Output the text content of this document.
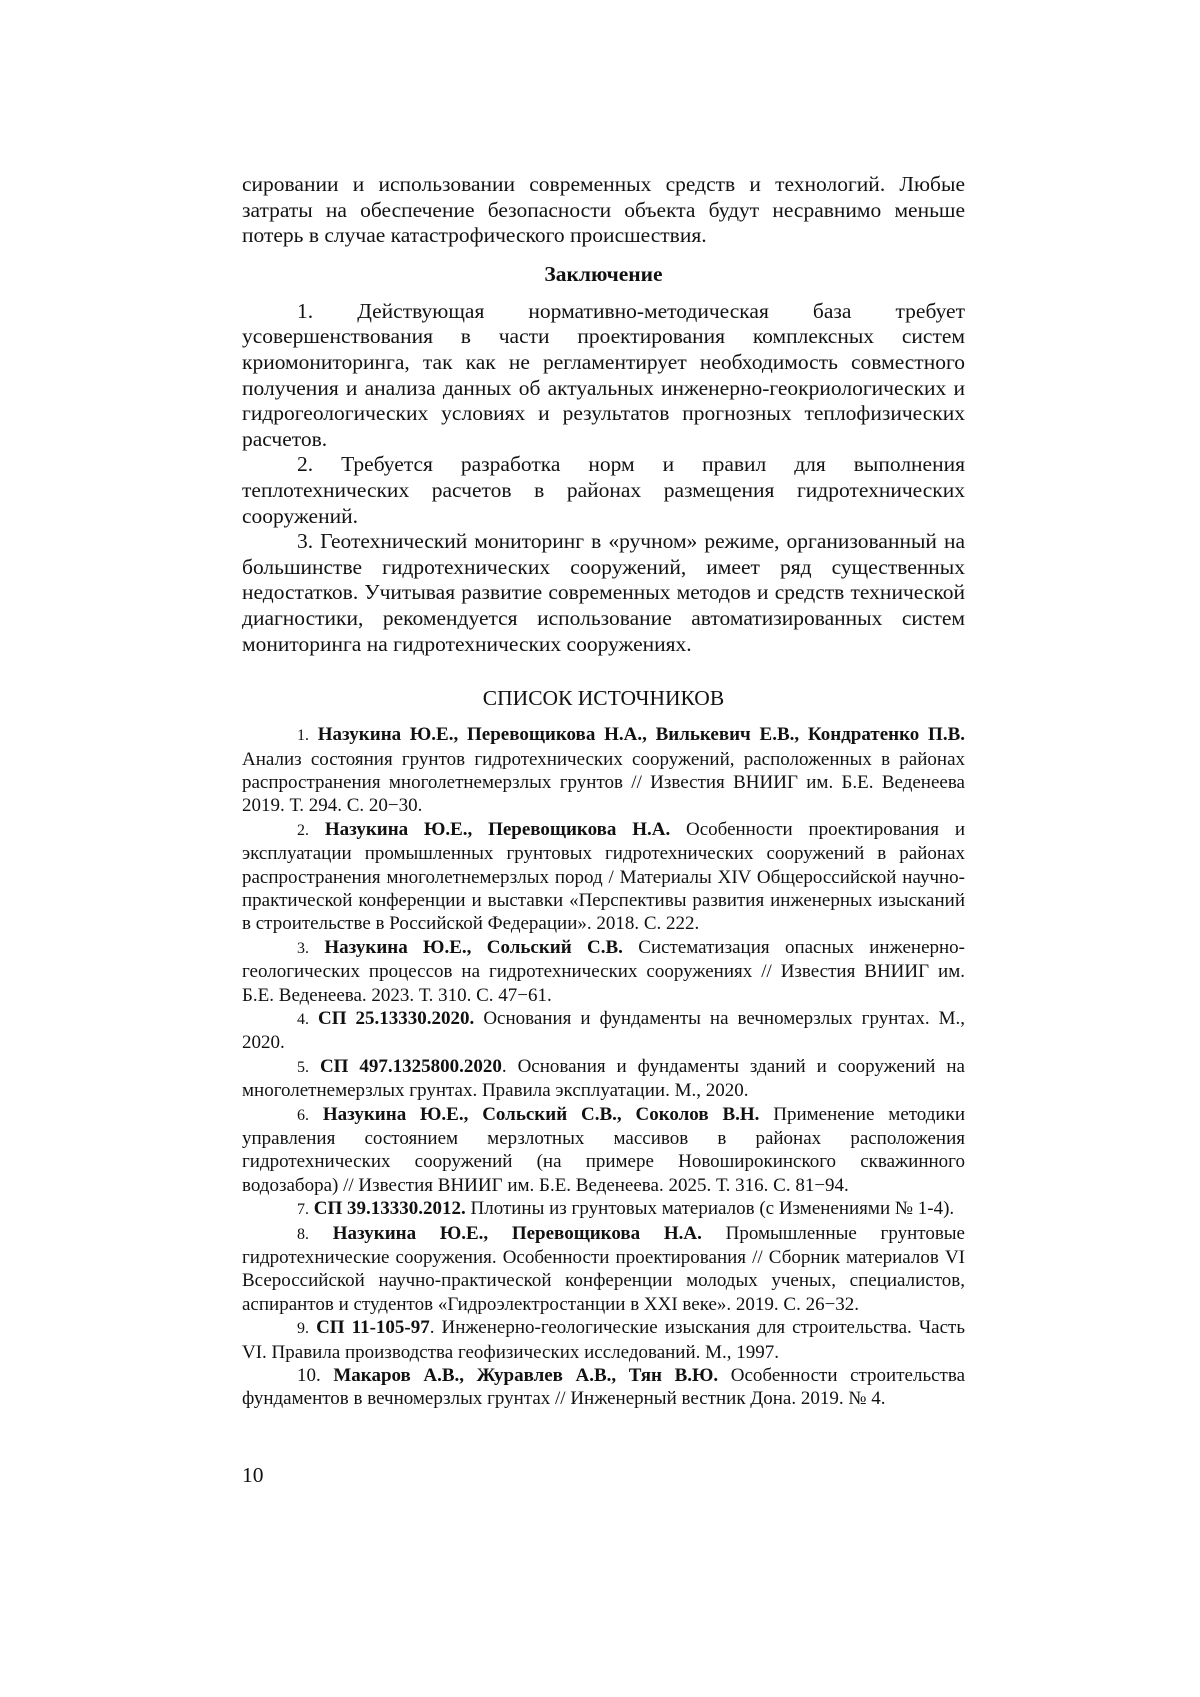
сировании и использовании современных средств и технологий. Любые затраты на обеспечение безопасности объекта будут несравнимо меньше потерь в случае катастрофического происшествия.

Заключение

1. Действующая нормативно-методическая база требует усовершенствования в части проектирования комплексных систем криомониторинга, так как не регламентирует необходимость совместного получения и анализа данных об актуальных инженерно-геокриологических и гидрогеологических условиях и результатов прогнозных теплофизических расчетов.

2. Требуется разработка норм и правил для выполнения теплотехнических расчетов в районах размещения гидротехнических сооружений.

3. Геотехнический мониторинг в «ручном» режиме, организованный на большинстве гидротехнических сооружений, имеет ряд существенных недостатков. Учитывая развитие современных методов и средств технической диагностики, рекомендуется использование автоматизированных систем мониторинга на гидротехнических сооружениях.

СПИСОК ИСТОЧНИКОВ

1. Назукина Ю.Е., Перевощикова Н.А., Вилькевич Е.В., Кондратенко П.В. Анализ состояния грунтов гидротехнических сооружений, расположенных в районах распространения многолетнемерзлых грунтов // Известия ВНИИГ им. Б.Е. Веденеева 2019. Т. 294. С. 20−30.

2. Назукина Ю.Е., Перевощикова Н.А. Особенности проектирования и эксплуатации промышленных грунтовых гидротехнических сооружений в районах распространения многолетнемерзлых пород / Материалы XIV Общероссийской научно-практической конференции и выставки «Перспективы развития инженерных изысканий в строительстве в Российской Федерации». 2018. С. 222.

3. Назукина Ю.Е., Сольский С.В. Систематизация опасных инженерно-геологических процессов на гидротехнических сооружениях // Известия ВНИИГ им. Б.Е. Веденеева. 2023. Т. 310. С. 47−61.

4. СП 25.13330.2020. Основания и фундаменты на вечномерзлых грунтах. М., 2020.

5. СП 497.1325800.2020. Основания и фундаменты зданий и сооружений на многолетнемерзлых грунтах. Правила эксплуатации. М., 2020.

6. Назукина Ю.Е., Сольский С.В., Соколов В.Н. Применение методики управления состоянием мерзлотных массивов в районах расположения гидротехнических сооружений (на примере Новоширокинского скважинного водозабора) // Известия ВНИИГ им. Б.Е. Веденеева. 2025. Т. 316. С. 81−94.

7. СП 39.13330.2012. Плотины из грунтовых материалов (с Изменениями № 1-4).

8. Назукина Ю.Е., Перевощикова Н.А. Промышленные грунтовые гидротехнические сооружения. Особенности проектирования // Сборник материалов VI Всероссийской научно-практической конференции молодых ученых, специалистов, аспирантов и студентов «Гидроэлектростанции в XXI веке». 2019. С. 26−32.

9. СП 11-105-97. Инженерно-геологические изыскания для строительства. Часть VI. Правила производства геофизических исследований. М., 1997.

10. Макаров А.В., Журавлев А.В., Тян В.Ю. Особенности строительства фундаментов в вечномерзлых грунтах // Инженерный вестник Дона. 2019. № 4.

10
